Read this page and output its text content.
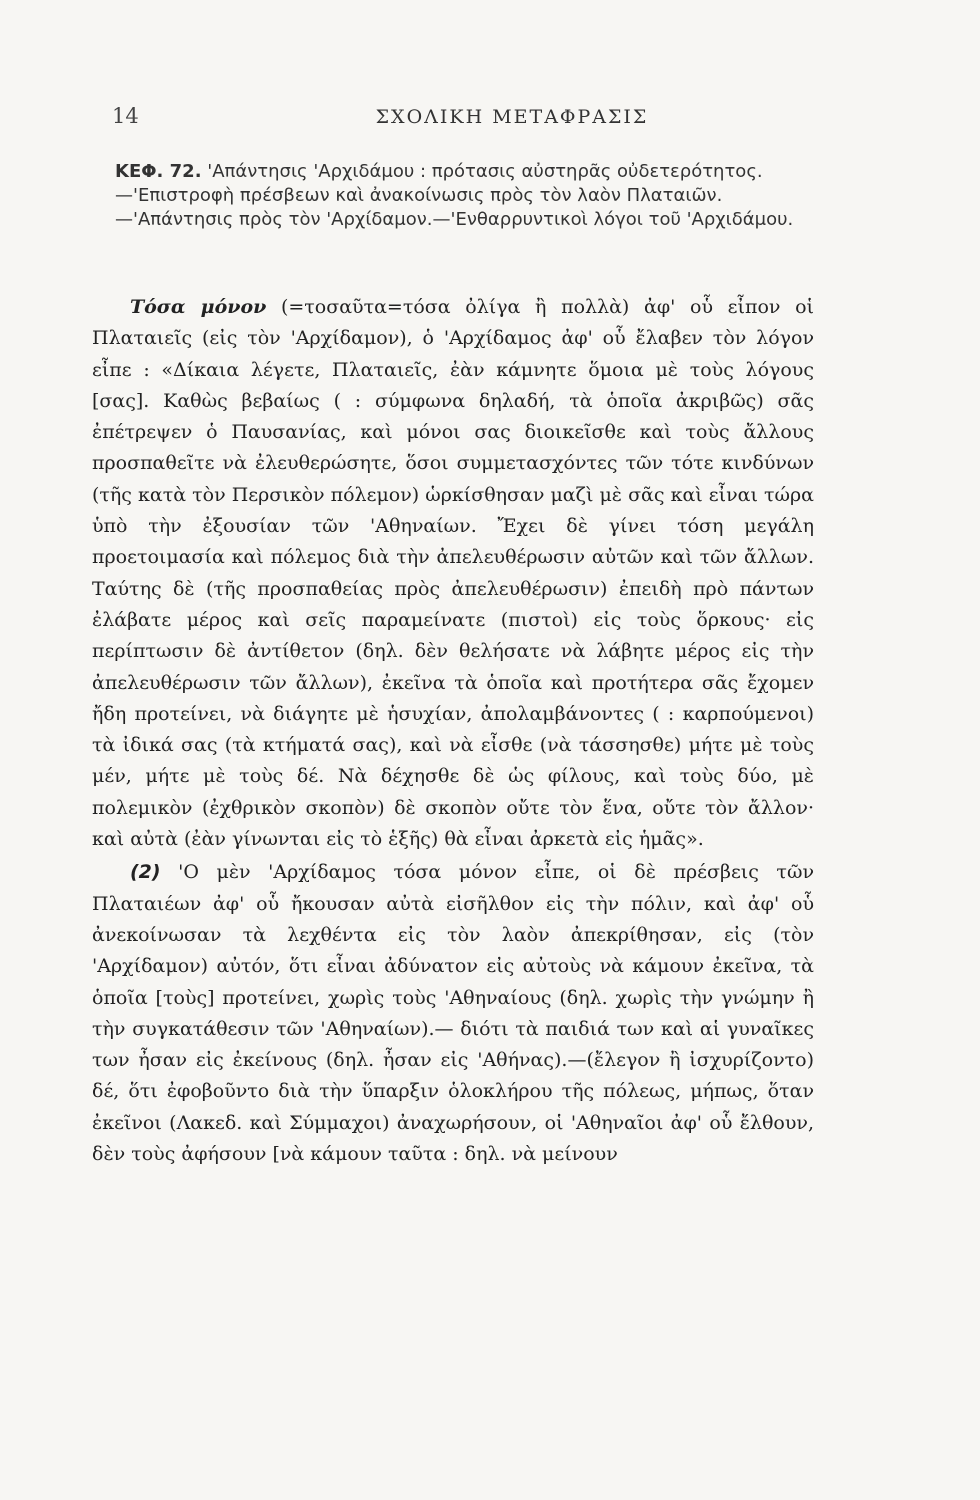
14	ΣΧΟΛΙΚΗ ΜΕΤΑΦΡΑΣΙΣ
ΚΕΦ. 72. 'Απάντησις 'Αρχιδάμου : πρότασις αὐστηρᾶς οὐδετερότητος.—'Επιστροφὴ πρέσβεων καὶ ἀνακοίνωσις πρὸς τὸν λαὸν Πλαταιῶν.—'Απάντησις πρὸς τὸν 'Αρχίδαμον.—'Ενθαρρυντικοὶ λόγοι τοῦ 'Αρχιδάμου.

Τόσα μόνον (=τοσαῦτα=τόσα ὀλίγα ἢ πολλὰ) ἀφ' οὗ εἶπον οἱ Πλαταιεῖς (εἰς τὸν 'Αρχίδαμον), ὁ 'Αρχίδαμος ἀφ' οὗ ἔλαβεν τὸν λόγον εἶπε : «Δίκαια λέγετε, Πλαταιεῖς, ἐὰν κάμνητε ὅμοια μὲ τοὺς λόγους [σας]. Καθὼς βεβαίως ( : σύμφωνα δηλαδή, τὰ ὁποῖα ἀκριβῶς) σᾶς ἐπέτρεψεν ὁ Παυσανίας, καὶ μόνοι σας διοικεῖσθε καὶ τοὺς ἄλλους προσπαθεῖτε νὰ ἐλευθερώσητε, ὅσοι συμμετασχόντες τῶν τότε κινδύνων (τῆς κατὰ τὸν Περσικὸν πόλεμον) ὡρκίσθησαν μαζὶ μὲ σᾶς καὶ εἶναι τώρα ὑπὸ τὴν ἐξουσίαν τῶν 'Αθηναίων. Ἔχει δὲ γίνει τόση μεγάλη προετοιμασία καὶ πόλεμος διὰ τὴν ἀπελευθέρωσιν αὐτῶν καὶ τῶν ἄλλων. Ταύτης δὲ (τῆς προσπαθείας πρὸς ἀπελευθέρωσιν) ἐπειδὴ πρὸ πάντων ἐλάβατε μέρος καὶ σεῖς παραμείνατε (πιστοὶ) εἰς τοὺς ὅρκους· εἰς περίπτωσιν δὲ ἀντίθετον (δηλ. δὲν θελήσατε νὰ λάβητε μέρος εἰς τὴν ἀπελευθέρωσιν τῶν ἄλλων), ἐκεῖνα τὰ ὁποῖα καὶ προτήτερα σᾶς ἔχομεν ἤδη προτείνει, νὰ διάγητε μὲ ἡσυχίαν, ἀπολαμβάνοντες ( : καρπούμενοι) τὰ ἰδικά σας (τὰ κτήματά σας), καὶ νὰ εἶσθε (νὰ τάσσησθε) μήτε μὲ τοὺς μέν, μήτε μὲ τοὺς δέ. Νὰ δέχησθε δὲ ὡς φίλους, καὶ τοὺς δύο, μὲ πολεμικὸν (ἐχθρικὸν σκοπὸν) δὲ σκοπὸν οὔτε τὸν ἕνα, οὔτε τὸν ἄλλον· καὶ αὐτὰ (ἐὰν γίνωνται εἰς τὸ ἑξῆς) θὰ εἶναι ἀρκετὰ εἰς ἡμᾶς».

(2) 'Ο μὲν 'Αρχίδαμος τόσα μόνον εἶπε, οἱ δὲ πρέσβεις τῶν Πλαταιέων ἀφ' οὗ ἤκουσαν αὐτὰ εἰσῆλθον εἰς τὴν πόλιν, καὶ ἀφ' οὗ ἀνεκοίνωσαν τὰ λεχθέντα εἰς τὸν λαὸν ἀπεκρίθησαν, εἰς (τὸν 'Αρχίδαμον) αὐτόν, ὅτι εἶναι ἀδύνατον εἰς αὐτοὺς νὰ κάμουν ἐκεῖνα, τὰ ὁποῖα [τοὺς] προτείνει, χωρὶς τοὺς 'Αθηναίους (δηλ. χωρὶς τὴν γνώμην ἢ τὴν συγκατάθεσιν τῶν 'Αθηναίων).— διότι τὰ παιδιά των καὶ αἱ γυναῖκες των ἦσαν εἰς ἐκείνους (δηλ. ἦσαν εἰς 'Αθήνας).—(ἔλεγον ἢ ἰσχυρίζοντο) δέ, ὅτι ἐφοβοῦντο διὰ τὴν ὕπαρξιν ὁλοκλήρου τῆς πόλεως, μήπως, ὅταν ἐκεῖνοι (Λακεδ. καὶ Σύμμαχοι) ἀναχωρήσουν, οἱ 'Αθηναῖοι ἀφ' οὗ ἔλθουν, δὲν τοὺς ἀφήσουν [νὰ κάμουν ταῦτα : δηλ. νὰ μείνουν
